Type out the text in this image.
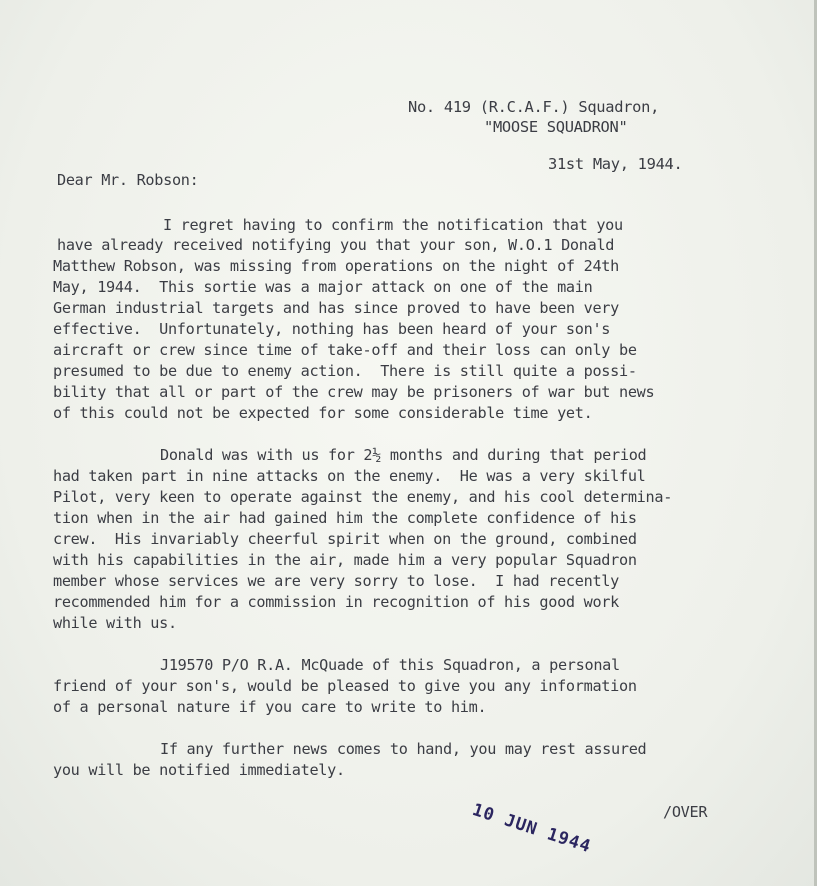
No. 419 (R.C.A.F.) Squadron,
"MOOSE SQUADRON"
31st May, 1944.
Dear Mr. Robson:
I regret having to confirm the notification that you
have already received notifying you that your son, W.O.1 Donald
Matthew Robson, was missing from operations on the night of 24th
May, 1944.  This sortie was a major attack on one of the main
German industrial targets and has since proved to have been very
effective.  Unfortunately, nothing has been heard of your son's
aircraft or crew since time of take-off and their loss can only be
presumed to be due to enemy action.  There is still quite a possi-
bility that all or part of the crew may be prisoners of war but news
of this could not be expected for some considerable time yet.
Donald was with us for 2½ months and during that period
had taken part in nine attacks on the enemy.  He was a very skilful
Pilot, very keen to operate against the enemy, and his cool determina-
tion when in the air had gained him the complete confidence of his
crew.  His invariably cheerful spirit when on the ground, combined
with his capabilities in the air, made him a very popular Squadron
member whose services we are very sorry to lose.  I had recently
recommended him for a commission in recognition of his good work
while with us.
J19570 P/O R.A. McQuade of this Squadron, a personal
friend of your son's, would be pleased to give you any information
of a personal nature if you care to write to him.
If any further news comes to hand, you may rest assured
you will be notified immediately.
/OVER
10 JUN 1944
